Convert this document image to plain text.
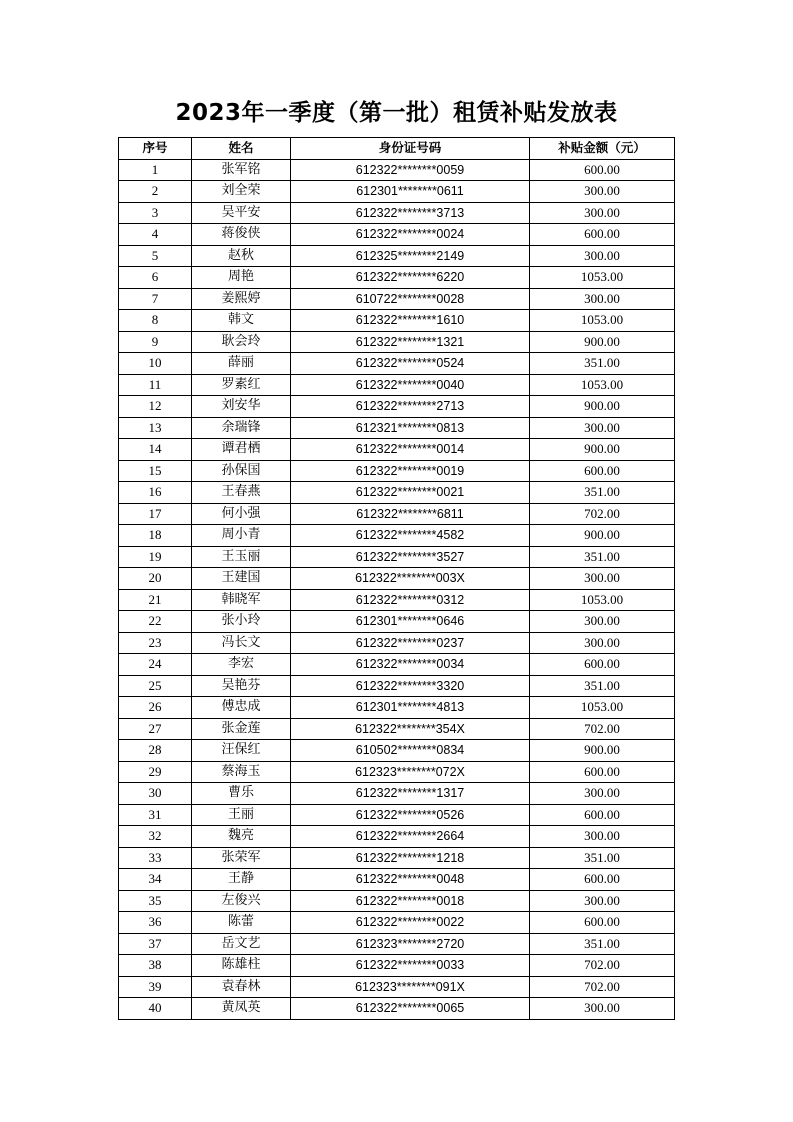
2023年一季度（第一批）租赁补贴发放表
序号	姓名	身份证号码	补贴金额（元）
1	张军铭	612322********0059	600.00
2	刘全荣	612301********0611	300.00
3	吴平安	612322********3713	300.00
4	蒋俊侠	612322********0024	600.00
5	赵秋	612325********2149	300.00
6	周艳	612322********6220	1053.00
7	姜熙婷	610722********0028	300.00
8	韩文	612322********1610	1053.00
9	耿会玲	612322********1321	900.00
10	薛丽	612322********0524	351.00
11	罗素红	612322********0040	1053.00
12	刘安华	612322********2713	900.00
13	余瑞锋	612321********0813	300.00
14	谭君栖	612322********0014	900.00
15	孙保国	612322********0019	600.00
16	王春燕	612322********0021	351.00
17	何小强	612322********6811	702.00
18	周小青	612322********4582	900.00
19	王玉丽	612322********3527	351.00
20	王建国	612322********003X	300.00
21	韩晓军	612322********0312	1053.00
22	张小玲	612301********0646	300.00
23	冯长文	612322********0237	300.00
24	李宏	612322********0034	600.00
25	吴艳芬	612322********3320	351.00
26	傅忠成	612301********4813	1053.00
27	张金莲	612322********354X	702.00
28	汪保红	610502********0834	900.00
29	蔡海玉	612323********072X	600.00
30	曹乐	612322********1317	300.00
31	王丽	612322********0526	600.00
32	魏亮	612322********2664	300.00
33	张荣军	612322********1218	351.00
34	王静	612322********0048	600.00
35	左俊兴	612322********0018	300.00
36	陈蕾	612322********0022	600.00
37	岳文艺	612323********2720	351.00
38	陈雄柱	612322********0033	702.00
39	袁春林	612323********091X	702.00
40	黄凤英	612322********0065	300.00
